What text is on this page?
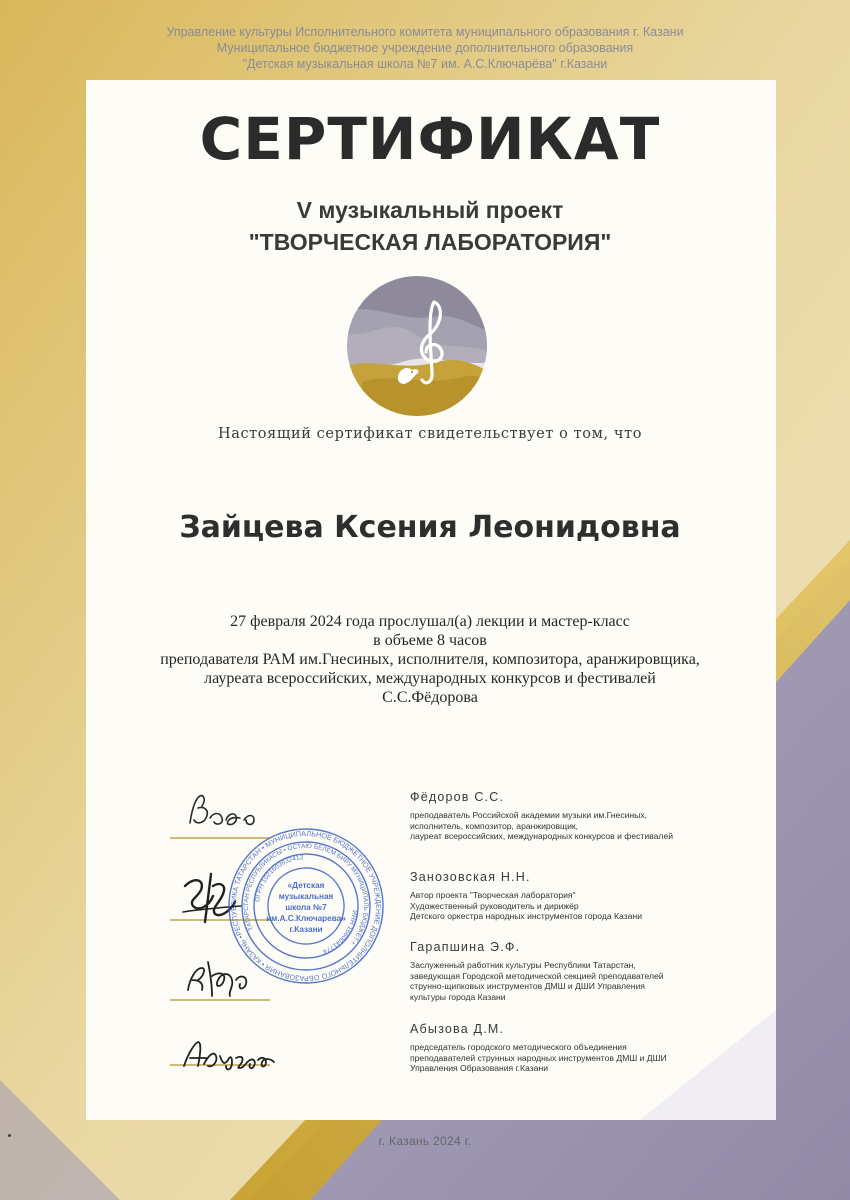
Управление культуры Исполнительного комитета муниципального образования г. Казани
Муниципальное бюджетное учреждение дополнительного образования
"Детская музыкальная школа №7 им. А.С.Ключарёва" г.Казани
СЕРТИФИКАТ
V музыкальный проект
"ТВОРЧЕСКАЯ ЛАБОРАТОРИЯ"
Настоящий сертификат свидетельствует о том, что
Зайцева Ксения Леонидовна
27 февраля 2024 года прослушал(а) лекции и мастер-класс
в объеме 8 часов
преподавателя РАМ им.Гнесиных, исполнителя, композитора, аранжировщика,
лауреата всероссийских, международных конкурсов и фестивалей
С.С.Фёдорова
Фёдоров С.С.
преподаватель Российской академии музыки им.Гнесиных,
исполнитель, композитор, аранжировщик,
лауреат всероссийских, международных конкурсов и фестивалей
Занозовская Н.Н.
Автор проекта "Творческая лаборатория"
Художественный руководитель и дирижёр
Детского оркестра народных инструментов города Казани
Гарапшина Э.Ф.
Заслуженный работник культуры Республики Татарстан,
заведующая Городской методической секцией преподавателей
струнно-щипковых инструментов ДМШ и ДШИ Управления
культуры города Казани
Абызова Д.М.
председатель городского методического объединения
преподавателей струнных народных инструментов ДМШ и ДШИ
Управления Образования г.Казани
РЕСПУБЛИКА ТАТАРСТАН • МУНИЦИПАЛЬНОЕ БЮДЖЕТНОЕ УЧРЕЖДЕНИЕ ДОПОЛНИТЕЛЬНОГО ОБРАЗОВАНИЯ • КАЗАНЬ •
ТАТАРСТАН РЕСПУБЛИКАСЫ • ОСТАЮ БЕЛЕМ БИРУ МУНИЦИПАЛЬ БЮДЖЕТ •
ОГРН 1021603632412
ИНН 1660041774
«Детская
музыкальная
школа №7
им.А.С.Ключарева»
г.Казани
г. Казань 2024 г.
